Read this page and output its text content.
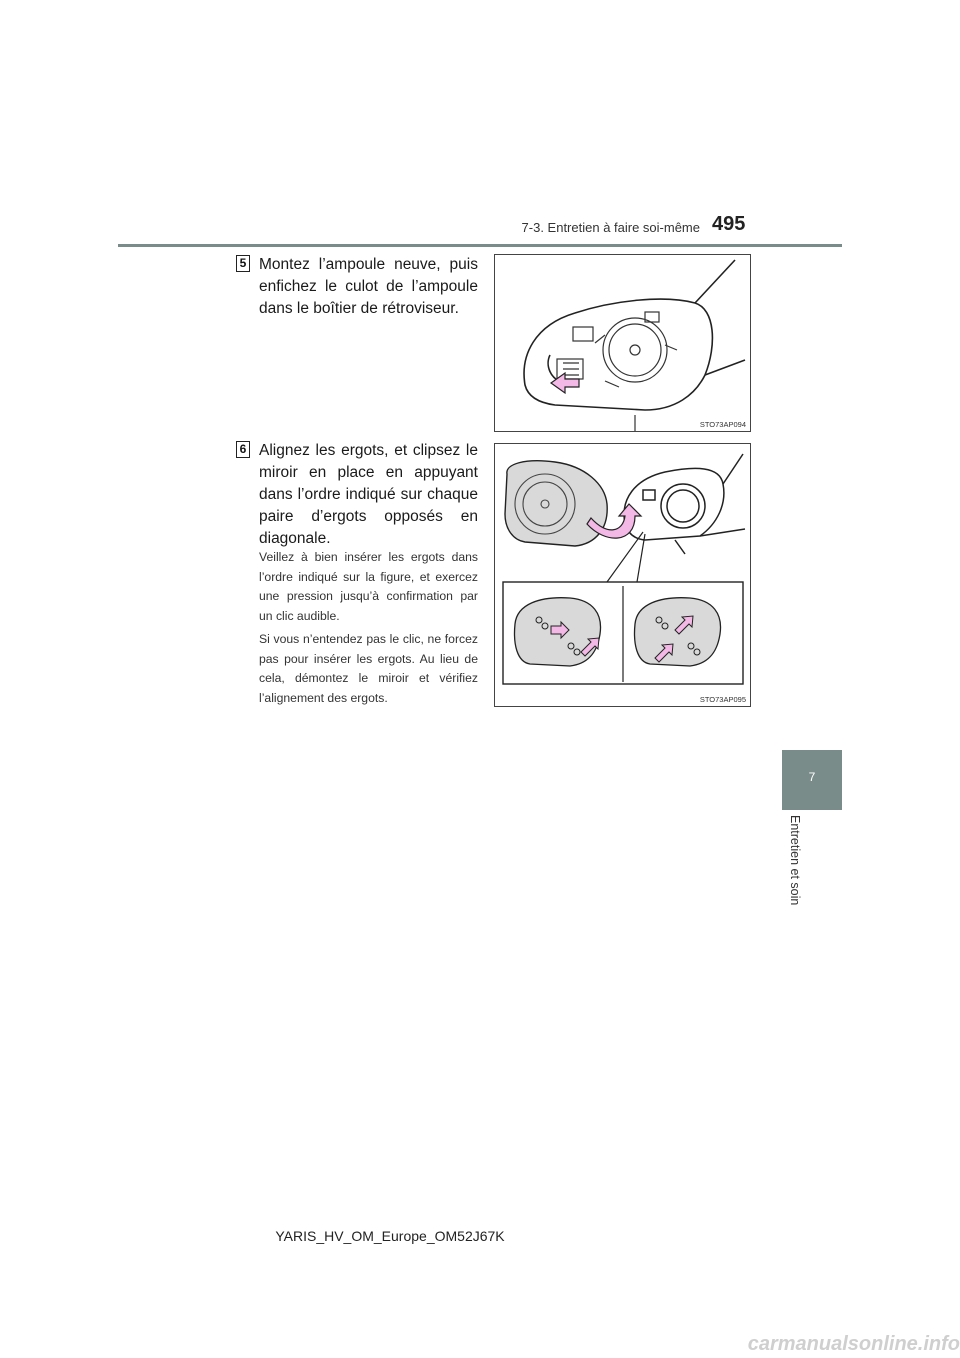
7-3. Entretien à faire soi-même 495
5 Montez l’ampoule neuve, puis enfichez le culot de l’ampoule dans le boîtier de rétroviseur.
STO73AP094
6 Alignez les ergots, et clipsez le miroir en place en appuyant dans l’ordre indiqué sur chaque paire d’ergots opposés en diagonale.
Veillez à bien insérer les ergots dans l’ordre indiqué sur la figure, et exercez une pression jusqu’à confirmation par un clic audible.
Si vous n’entendez pas le clic, ne forcez pas pour insérer les ergots. Au lieu de cela, démontez le miroir et vérifiez l’alignement des ergots.	STO73AP095
7
Entretien et soin
YARIS_HV_OM_Europe_OM52J67K
carmanualsonline.info
